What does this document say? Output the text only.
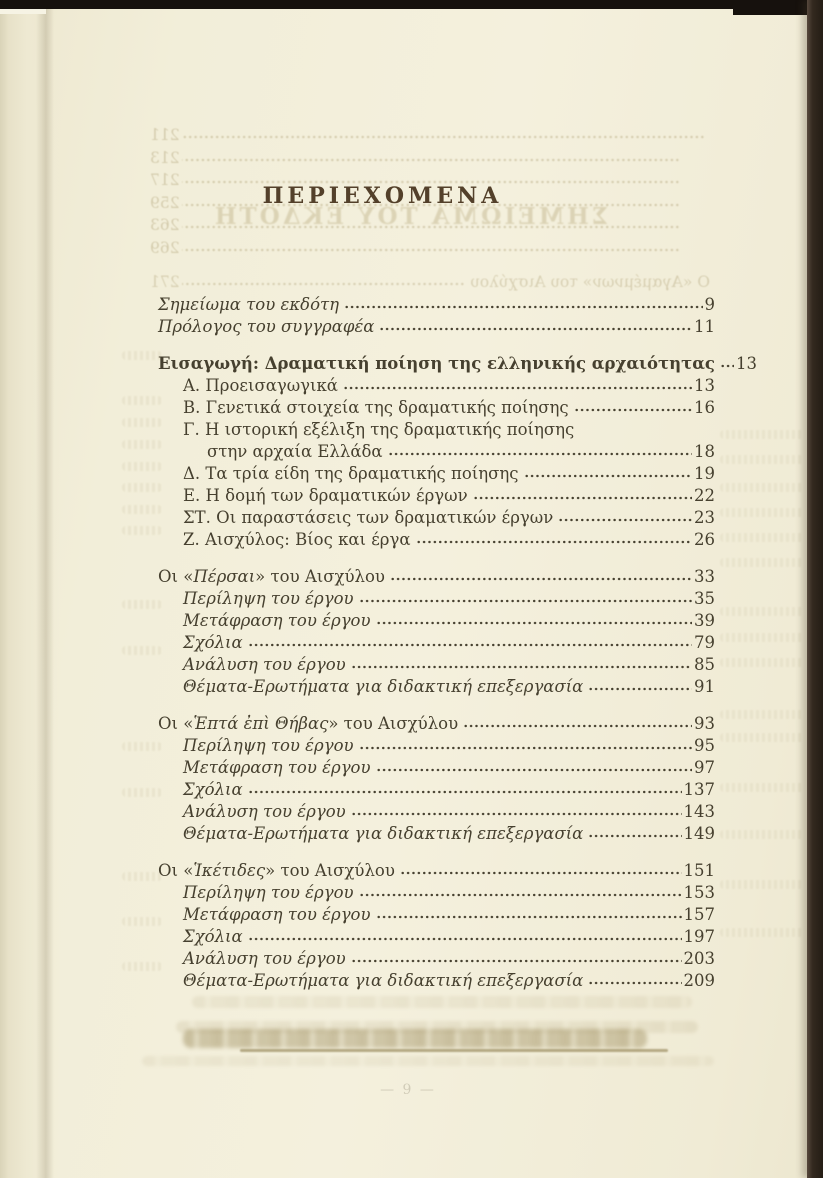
211
213
217
259
263
269
ΣΗΜΕΙΩΜΑ ΤΟΥ ΕΚΔΟΤΗ
Ο «Αγαμέμνων» του Αισχύλου
271
ΠΕΡΙΕΧΟΜΕΝΑ
Σημείωμα του εκδότη	9
Πρόλογος του συγγραφέα	11
Εισαγωγή: Δραματική ποίηση της ελληνικής αρχαιότητας 13
Α. Προεισαγωγικά	13
Β. Γενετικά στοιχεία της δραματικής ποίησης	16
Γ. Η ιστορική εξέλιξη της δραματικής ποίησης
στην αρχαία Ελλάδα	18
Δ. Τα τρία είδη της δραματικής ποίησης	19
Ε. Η δομή των δραματικών έργων	22
ΣΤ. Οι παραστάσεις των δραματικών έργων	23
Ζ. Αισχύλος: Βίος και έργα	26
Οι «Πέρσαι» του Αισχύλου	33
Περίληψη του έργου	35
Μετάφραση του έργου	39
Σχόλια	79
Ανάλυση του έργου	85
Θέματα-Ερωτήματα για διδακτική επεξεργασία	91
Οι «Ἑπτά ἐπὶ Θήβας» του Αισχύλου	93
Περίληψη του έργου	95
Μετάφραση του έργου	97
Σχόλια	137
Ανάλυση του έργου	143
Θέματα-Ερωτήματα για διδακτική επεξεργασία	149
Οι «Ἱκέτιδες» του Αισχύλου	151
Περίληψη του έργου	153
Μετάφραση του έργου	157
Σχόλια	197
Ανάλυση του έργου	203
Θέματα-Ερωτήματα για διδακτική επεξεργασία	209
— 9 —
